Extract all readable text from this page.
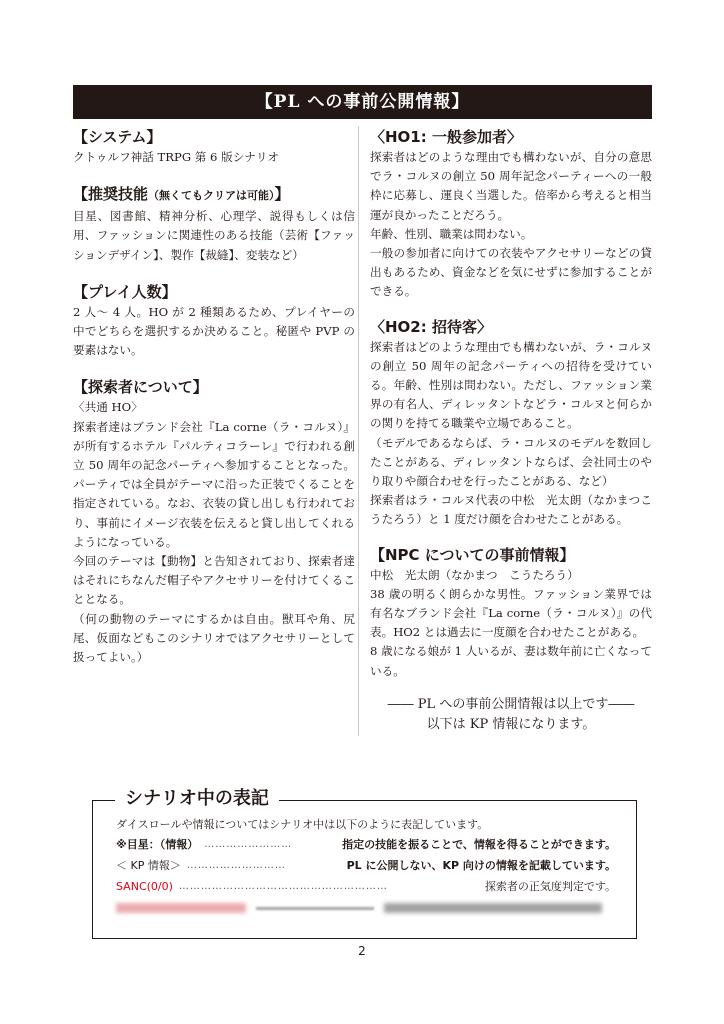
【PL への事前公開情報】

【システム】

クトゥルフ神話 TRPG 第 6 版シナリオ

【推奨技能（無くてもクリアは可能）】

目星、図書館、精神分析、心理学、説得もしくは信用、ファッションに関連性のある技能（芸術【ファッションデザイン】、製作【裁縫】、変装など）

【プレイ人数】

2 人～ 4 人。HO が 2 種類あるため、プレイヤーの中でどちらを選択するか決めること。秘匿や PVP の要素はない。

【探索者について】

〈共通 HO〉

探索者達はブランド会社『La corne（ラ・コルヌ）』が所有するホテル『パルティコラーレ』で行われる創立 50 周年の記念パーティへ参加することとなった。パーティでは全員がテーマに沿った正装でくることを指定されている。なお、衣装の貸し出しも行われており、事前にイメージ衣装を伝えると貸し出してくれるようになっている。

今回のテーマは【動物】と告知されており、探索者達はそれにちなんだ帽子やアクセサリーを付けてくることとなる。

（何の動物のテーマにするかは自由。獣耳や角、尻尾、仮面などもこのシナリオではアクセサリーとして扱ってよい。）

〈HO1: 一般参加者〉

探索者はどのような理由でも構わないが、自分の意思でラ・コルヌの創立 50 周年記念パーティーへの一般枠に応募し、運良く当選した。倍率から考えると相当運が良かったことだろう。

年齢、性別、職業は問わない。

一般の参加者に向けての衣装やアクセサリーなどの貸出もあるため、資金などを気にせずに参加することができる。

〈HO2: 招待客〉

探索者はどのような理由でも構わないが、ラ・コルヌの創立 50 周年の記念パーティへの招待を受けている。年齢、性別は問わない。ただし、ファッション業界の有名人、ディレッタントなどラ・コルヌと何らかの関りを持てる職業や立場であること。

（モデルであるならば、ラ・コルヌのモデルを数回したことがある、ディレッタントならば、会社同士のやり取りや顔合わせを行ったことがある、など）

探索者はラ・コルヌ代表の中松　光太朗（なかまつこうたろう）と 1 度だけ顔を合わせたことがある。

【NPC についての事前情報】

中松　光太朗（なかまつ　こうたろう）

38 歳の明るく朗らかな男性。ファッション業界では有名なブランド会社『La corne（ラ・コルヌ）』の代表。HO2 とは過去に一度顔を合わせたことがある。

8 歳になる娘が 1 人いるが、妻は数年前に亡くなっている。

―― PL への事前公開情報は以上です――
以下は KP 情報になります。
シナリオ中の表記
ダイスロールや情報についてはシナリオ中は以下のように表記しています。
※目星：（情報） ……………………	指定の技能を振ることで、情報を得ることができます。
＜ KP 情報＞ ………………………	PL に公開しない、KP 向けの情報を記載しています。
SANC(0/0) …………………………………………………	探索者の正気度判定です。
2
